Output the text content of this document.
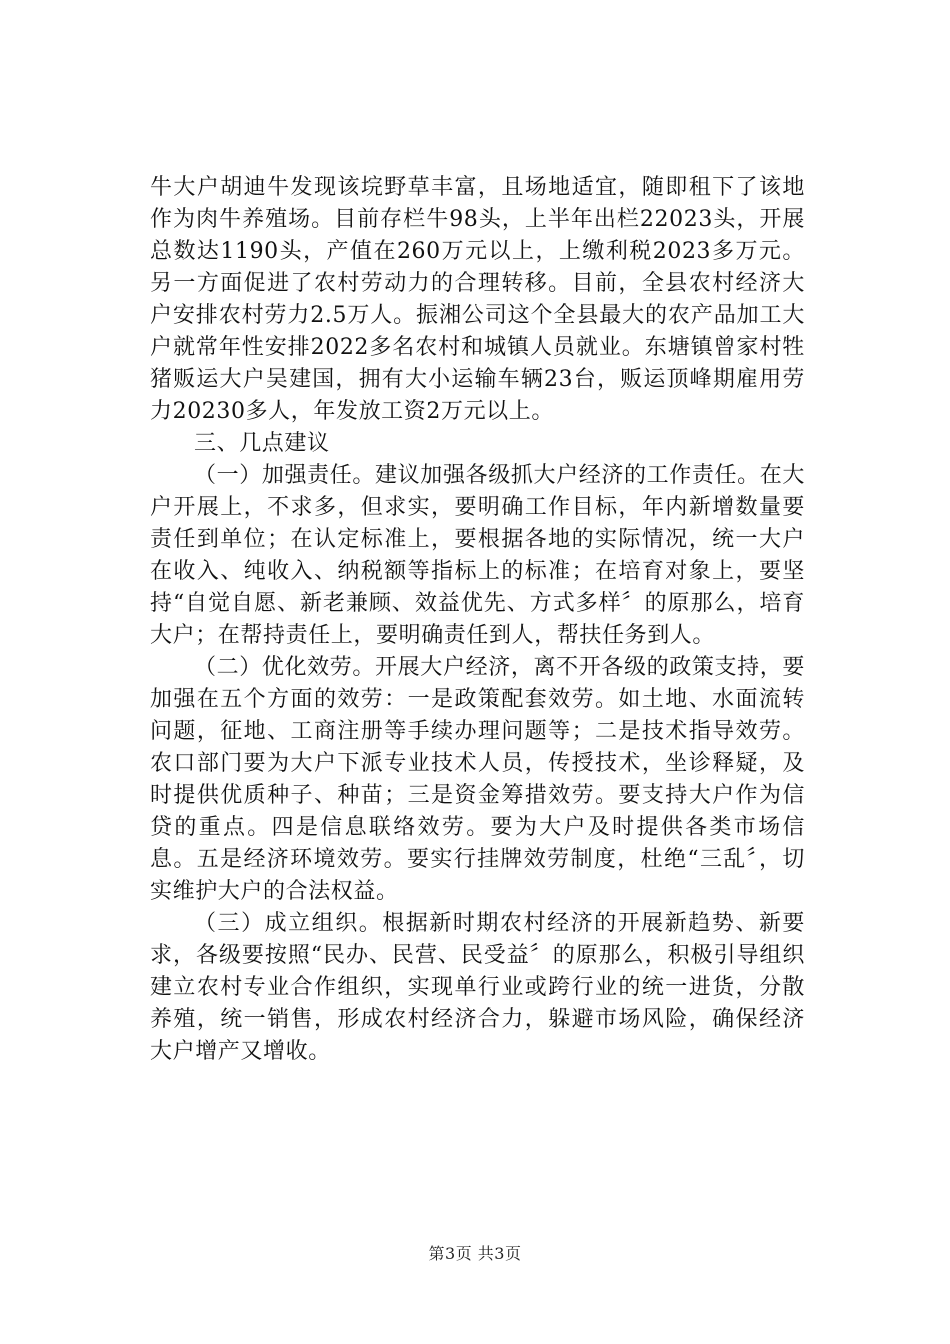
牛大户胡迪牛发现该垸野草丰富，且场地适宜，随即租下了该地作为肉牛养殖场。目前存栏牛98头，上半年出栏22023头，开展总数达1190头，产值在260万元以上，上缴利税2023多万元。另一方面促进了农村劳动力的合理转移。目前，全县农村经济大户安排农村劳力2.5万人。振湘公司这个全县最大的农产品加工大户就常年性安排2022多名农村和城镇人员就业。东塘镇曾家村牲猪贩运大户吴建国，拥有大小运输车辆23台，贩运顶峰期雇用劳力20230多人，年发放工资2万元以上。

三、几点建议

（一）加强责任。建议加强各级抓大户经济的工作责任。在大户开展上，不求多，但求实，要明确工作目标，年内新增数量要责任到单位；在认定标准上，要根据各地的实际情况，统一大户在收入、纯收入、纳税额等指标上的标准；在培育对象上，要坚持“自觉自愿、新老兼顾、效益优先、方式多样〞的原那么，培育大户；在帮持责任上，要明确责任到人，帮扶任务到人。

（二）优化效劳。开展大户经济，离不开各级的政策支持，要加强在五个方面的效劳：一是政策配套效劳。如土地、水面流转问题，征地、工商注册等手续办理问题等；二是技术指导效劳。农口部门要为大户下派专业技术人员，传授技术，坐诊释疑，及时提供优质种子、种苗；三是资金筹措效劳。要支持大户作为信贷的重点。四是信息联络效劳。要为大户及时提供各类市场信息。五是经济环境效劳。要实行挂牌效劳制度，杜绝“三乱〞，切实维护大户的合法权益。

（三）成立组织。根据新时期农村经济的开展新趋势、新要求，各级要按照“民办、民营、民受益〞的原那么，积极引导组织建立农村专业合作组织，实现单行业或跨行业的统一进货，分散养殖，统一销售，形成农村经济合力，躲避市场风险，确保经济大户增产又增收。

第3页 共3页
